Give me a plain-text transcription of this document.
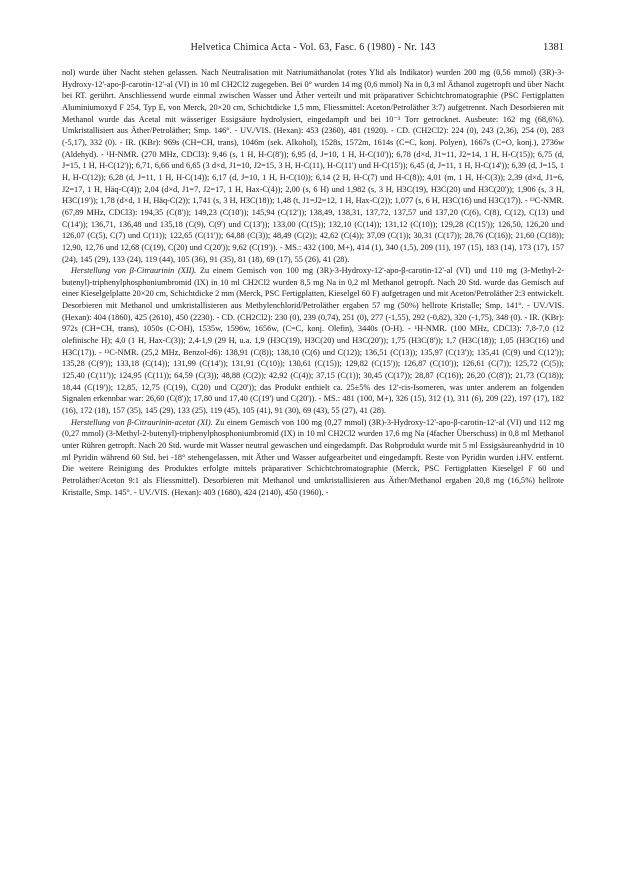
Helvetica Chimica Acta - Vol. 63, Fasc. 6 (1980) - Nr. 143	1381

nol) wurde über Nacht stehen gelassen. Nach Neutralisation mit Natriumäthanolat (rotes Ylid als Indikator) wurden 200 mg (0,56 mmol) (3R)-3-Hydroxy-12'-apo-β-carotin-12'-al (VI) in 10 ml CH2Cl2 zugegeben. Bei 0° wurden 14 mg (0,6 mmol) Na in 0,3 ml Äthanol zugetropft und über Nacht bei RT. gerührt. Anschliessend wurde einmal zwischen Wasser und Äther verteilt und mit präparativer Schichtchromatographie (PSC Fertigplatten Aluminiumoxyd F 254, Typ E, von Merck, 20×20 cm, Schichtdicke 1,5 mm, Fliessmittel: Aceton/Petroläther 3:7) aufgetrennt. Nach Desorbieren mit Methanol wurde das Acetal mit wässeriger Essigsäure hydrolysiert, eingedampft und bei 10⁻³ Torr getrocknet. Ausbeute: 162 mg (68,6%). Umkristallisiert aus Äther/Petroläther; Smp. 146°. - UV./VIS. (Hexan): 453 (2360), 481 (1920). - CD. (CH2Cl2): 224 (0), 243 (2,36), 254 (0), 283 (-5,17), 332 (0). - IR. (KBr): 969s (CH=CH, trans), 1046m (sek. Alkohol), 1528s, 1572m, 1614s (C=C, konj. Polyen), 1667s (C=O, konj.), 2736w (Aldehyd). - ¹H-NMR. (270 MHz, CDCl3): 9,46 (s, 1 H, H-C(8')); 6,95 (d, J=10, 1 H, H-C(10')); 6,78 (d×d, J1=11, J2=14, 1 H, H-C(15)); 6,75 (d, J=15, 1 H, H-C(12')); 6,71, 6,66 und 6,65 (3 d×d, J1=10, J2=15, 3 H, H-C(11), H-C(11') und H-C(15')); 6,45 (d, J=11, 1 H, H-C(14')); 6,39 (d, J=15, 1 H, H-C(12)); 6,28 (d, J=11, 1 H, H-C(14)); 6,17 (d, J=10, 1 H, H-C(10)); 6,14 (2 H, H-C(7) und H-C(8)); 4,01 (m, 1 H, H-C(3)); 2,39 (d×d, J1=6, J2=17, 1 H, Häq-C(4)); 2,04 (d×d, J1=7, J2=17, 1 H, Hax-C(4)); 2,00 (s, 6 H) und 1,982 (s, 3 H, H3C(19), H3C(20) und H3C(20')); 1,906 (s, 3 H, H3C(19')); 1,78 (d×d, 1 H, Häq-C(2)); 1,741 (s, 3 H, H3C(18)); 1,48 (t, J1=J2=12, 1 H, Hax-C(2)); 1,077 (s, 6 H, H3C(16) und H3C(17)). - ¹³C-NMR. (67,89 MHz, CDCl3): 194,35 (C(8')); 149,23 (C(10')); 145,94 (C(12')); 138,49, 138,31, 137,72, 137,57 und 137,20 (C(6), C(8), C(12), C(13) und C(14')); 136,71, 136,48 und 135,18 (C(9), C(9') und C(13')); 133,00 (C(15)); 132,10 (C(14)); 131,12 (C(10)); 129,28 (C(15')); 126,50, 126,20 und 126,07 (C(5), C(7) und C(11)); 122,65 (C(11')); 64,88 (C(3)); 48,49 (C(2)); 42,62 (C(4)); 37,09 (C(1)); 30,31 (C(17)); 28,76 (C(16)); 21,60 (C(18)); 12,90, 12,76 und 12,68 (C(19), C(20) und C(20')); 9,62 (C(19')). - MS.: 432 (100, M+), 414 (1), 340 (1,5), 209 (11), 197 (15), 183 (14), 173 (17), 157 (24), 145 (29), 133 (24), 119 (44), 105 (36), 91 (35), 81 (18), 69 (17), 55 (26), 41 (28).

Herstellung von β-Citraurinin (XII). Zu einem Gemisch von 100 mg (3R)-3-Hydroxy-12'-apo-β-carotin-12'-al (VI) und 110 mg (3-Methyl-2-butenyl)-triphenylphosphoniumbromid (IX) in 10 ml CH2Cl2 wurden 8,5 mg Na in 0,2 ml Methanol getropft. Nach 20 Std. wurde das Gemisch auf einer Kieselgelplatte 20×20 cm, Schichtdicke 2 mm (Merck, PSC Fertigplatten, Kieselgel 60 F) aufgetragen und mit Aceton/Petroläther 2:3 entwickelt. Desorbieren mit Methanol und umkristallisieren aus Methylenchlorid/Petroläther ergaben 57 mg (50%) hellrote Kristalle; Smp. 141°. - UV./VIS. (Hexan): 404 (1860), 425 (2610), 450 (2230). - CD. (CH2Cl2): 230 (0), 239 (0,74), 251 (0), 277 (-1,55), 292 (-0,82), 320 (-1,75), 348 (0). - IR. (KBr): 972s (CH=CH, trans), 1050s (C-OH), 1535w, 1596w, 1656w, (C=C, konj. Olefin), 3440s (O-H). - ¹H-NMR. (100 MHz, CDCl3): 7,8-7,0 (12 olefinische H); 4,0 (1 H, Hax-C(3)); 2,4-1,9 (29 H, u.a. 1,9 (H3C(19), H3C(20) und H3C(20')); 1,75 (H3C(8')); 1,7 (H3C(18)); 1,05 (H3C(16) und H3C(17)). - ¹³C-NMR. (25,2 MHz, Benzol-d6): 138,91 (C(8)); 138,10 (C(6) und C(12)); 136,51 (C(13)); 135,97 (C(13')); 135,41 (C(9) und C(12')); 135,28 (C(9')); 133,18 (C(14)); 131,99 (C(14')); 131,91 (C(10)); 130,61 (C(15)); 129,82 (C(15')); 126,87 (C(10')); 126,61 (C(7)); 125,72 (C(5)); 125,40 (C(11')); 124,95 (C(11)); 64,59 (C(3)); 48,88 (C(2)); 42,92 (C(4)); 37,15 (C(1)); 30,45 (C(17)); 28,87 (C(16)); 26,20 (C(8')); 21,73 (C(18)); 18,44 (C(19')); 12,85, 12,75 (C(19), C(20) und C(20')); das Produkt enthielt ca. 25±5% des 12'-cis-Isomeren, was unter anderem an folgenden Signalen erkennbar war: 26,60 (C(8')); 17,80 und 17,40 (C(19') und C(20')). - MS.: 481 (100, M+), 326 (15), 312 (1), 311 (6), 209 (22), 197 (17), 182 (16), 172 (18), 157 (35), 145 (29), 133 (25), 119 (45), 105 (41), 91 (30), 69 (43), 55 (27), 41 (28).

Herstellung von β-Citraurinin-acetat (XI). Zu einem Gemisch von 100 mg (0,27 mmol) (3R)-3-Hydroxy-12'-apo-β-carotin-12'-al (VI) und 112 mg (0,27 mmol) (3-Methyl-2-butenyl)-triphenylphosphoniumbromid (IX) in 10 ml CH2Cl2 wurden 17,6 mg Na (4facher Überschuss) in 0,8 ml Methanol unter Rühren getropft. Nach 20 Std. wurde mit Wasser neutral gewaschen und eingedampft. Das Rohprodukt wurde mit 5 ml Essigsäureanhydrid in 10 ml Pyridin während 60 Std. bei -18° stehengelassen, mit Äther und Wasser aufgearbeitet und eingedampft. Reste von Pyridin wurden i.HV. entfernt. Die weitere Reinigung des Produktes erfolgte mittels präparativer Schichtchromatographie (Merck, PSC Fertigplatten Kieselgel F 60 und Petroläther/Aceton 9:1 als Fliessmittel). Desorbieren mit Methanol und umkristallisieren aus Äther/Methanol ergaben 20,8 mg (16,5%) hellrote Kristalle, Smp. 145°. - UV./VIS. (Hexan): 403 (1680), 424 (2140), 450 (1960). -
